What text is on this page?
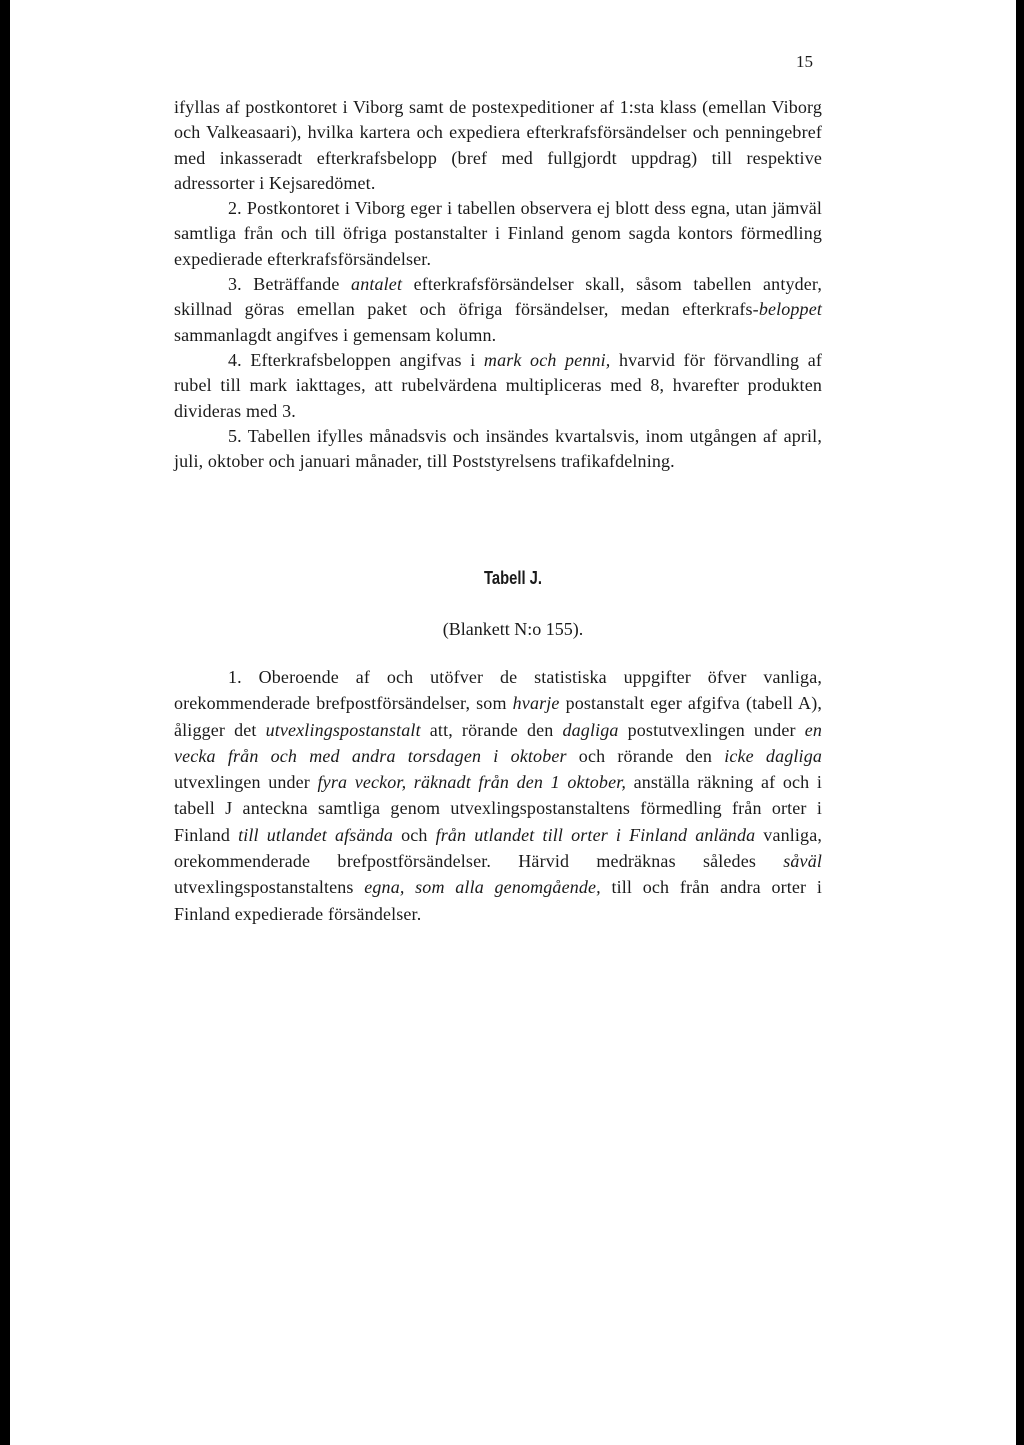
15

ifyllas af postkontoret i Viborg samt de postexpeditioner af 1:sta klass (emellan Viborg och Valkeasaari), hvilka kartera och expediera efterkrafsförsändelser och penningebref med inkasseradt efterkrafsbelopp (bref med fullgjordt uppdrag) till respektive adressorter i Kejsaredömet.

2. Postkontoret i Viborg eger i tabellen observera ej blott dess egna, utan jämväl samtliga från och till öfriga postanstalter i Finland genom sagda kontors förmedling expedierade efterkrafsförsändelser.

3. Beträffande antalet efterkrafsförsändelser skall, såsom tabellen antyder, skillnad göras emellan paket och öfriga försändelser, medan efterkrafs-beloppet sammanlagdt angifves i gemensam kolumn.

4. Efterkrafsbeloppen angifvas i mark och penni, hvarvid för förvandling af rubel till mark iakttages, att rubelvärdena multipliceras med 8, hvarefter produkten divideras med 3.

5. Tabellen ifylles månadsvis och insändes kvartalsvis, inom utgången af april, juli, oktober och januari månader, till Poststyrelsens trafikafdelning.

Tabell J.
(Blankett N:o 155).

1. Oberoende af och utöfver de statistiska uppgifter öfver vanliga, orekommenderade brefpostförsändelser, som hvarje postanstalt eger afgifva (tabell A), åligger det utvexlingspostanstalt att, rörande den dagliga postutvexlingen under en vecka från och med andra torsdagen i oktober och rörande den icke dagliga utvexlingen under fyra veckor, räknadt från den 1 oktober, anställa räkning af och i tabell J anteckna samtliga genom utvexlingspostanstaltens förmedling från orter i Finland till utlandet afsända och från utlandet till orter i Finland anlända vanliga, orekommenderade brefpostförsändelser. Härvid medräknas således såväl utvexlingspostanstaltens egna, som alla genomgående, till och från andra orter i Finland expedierade försändelser.
